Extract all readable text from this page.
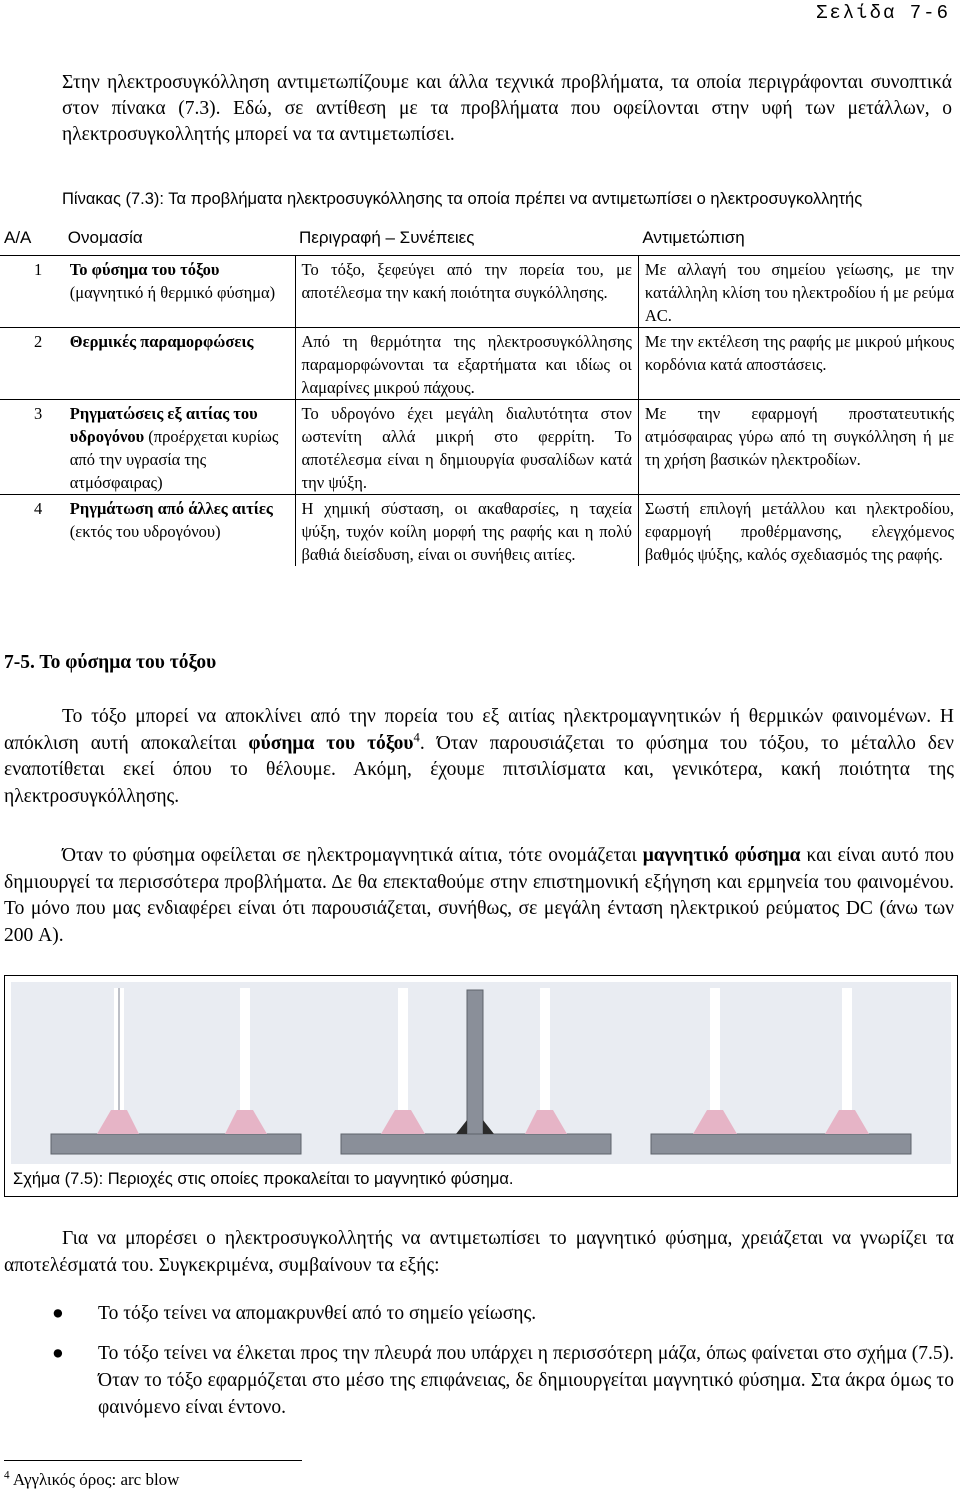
Σελίδα 7-6

Στην ηλεκτροσυγκόλληση αντιμετωπίζουμε και άλλα τεχνικά προβλήματα, τα οποία περιγράφονται συνοπτικά στον πίνακα (7.3). Εδώ, σε αντίθεση με τα προβλήματα που οφείλονται στην υφή των μετάλλων, ο ηλεκτροσυγκολλητής μπορεί να τα αντιμετωπίσει.

Πίνακας (7.3): Τα προβλήματα ηλεκτροσυγκόλλησης τα οποία πρέπει να αντιμετωπίσει ο ηλεκτροσυγκολλητής
Α/Α	Ονομασία	Περιγραφή – Συνέπειες	Αντιμετώπιση
1	Το φύσημα του τόξου (μαγνητικό ή θερμικό φύσημα)	Το τόξο, ξεφεύγει από την πορεία του, με αποτέλεσμα την κακή ποιότητα συγκόλλησης.	Με αλλαγή του σημείου γείωσης, με την κατάλληλη κλίση του ηλεκτροδίου ή με ρεύμα AC.
2	Θερμικές παραμορφώσεις	Από τη θερμότητα της ηλεκτροσυγκόλλησης παραμορφώνονται τα εξαρτήματα και ιδίως οι λαμαρίνες μικρού πάχους.	Με την εκτέλεση της ραφής με μικρού μήκους κορδόνια κατά αποστάσεις.
3	Ρηγματώσεις εξ αιτίας του υδρογόνου (προέρχεται κυρίως από την υγρασία της ατμόσφαιρας)	Το υδρογόνο έχει μεγάλη διαλυτότητα στον ωστενίτη αλλά μικρή στο φερρίτη. Το αποτέλεσμα είναι η δημιουργία φυσαλίδων κατά την ψύξη.	Με την εφαρμογή προστατευτικής ατμόσφαιρας γύρω από τη συγκόλληση ή με τη χρήση βασικών ηλεκτροδίων.
4	Ρηγμάτωση από άλλες αιτίες (εκτός του υδρογόνου)	Η χημική σύσταση, οι ακαθαρσίες, η ταχεία ψύξη, τυχόν κοίλη μορφή της ραφής και η πολύ βαθιά διείσδυση, είναι οι συνήθεις αιτίες.	Σωστή επιλογή μετάλλου και ηλεκτροδίου, εφαρμογή προθέρμανσης, ελεγχόμενος βαθμός ψύξης, καλός σχεδιασμός της ραφής.
7-5. Το φύσημα του τόξου
Το τόξο μπορεί να αποκλίνει από την πορεία του εξ αιτίας ηλεκτρομαγνητικών ή θερμικών φαινομένων. Η απόκλιση αυτή αποκαλείται φύσημα του τόξου$^4$. Όταν παρουσιάζεται το φύσημα του τόξου, το μέταλλο δεν εναποτίθεται εκεί όπου το θέλουμε. Ακόμη, έχουμε πιτσιλίσματα και, γενικότερα, κακή ποιότητα της ηλεκτροσυγκόλλησης.
Όταν το φύσημα οφείλεται σε ηλεκτρομαγνητικά αίτια, τότε ονομάζεται μαγνητικό φύσημα και είναι αυτό που δημιουργεί τα περισσότερα προβλήματα. Δε θα επεκταθούμε στην επιστημονική εξήγηση και ερμηνεία του φαινομένου. Το μόνο που μας ενδιαφέρει είναι ότι παρουσιάζεται, συνήθως, σε μεγάλη ένταση ηλεκτρικού ρεύματος DC (άνω των 200 A).
Σχήμα (7.5): Περιοχές στις οποίες προκαλείται το μαγνητικό φύσημα.
Για να μπορέσει ο ηλεκτροσυγκολλητής να αντιμετωπίσει το μαγνητικό φύσημα, χρειάζεται να γνωρίζει τα αποτελέσματά του. Συγκεκριμένα, συμβαίνουν τα εξής:
● Το τόξο τείνει να απομακρυνθεί από το σημείο γείωσης.
● Το τόξο τείνει να έλκεται προς την πλευρά που υπάρχει η περισσότερη μάζα, όπως φαίνεται στο σχήμα (7.5). Όταν το τόξο εφαρμόζεται στο μέσο της επιφάνειας, δε δημιουργείται μαγνητικό φύσημα. Στα άκρα όμως το φαινόμενο είναι έντονο.
$^4$ Αγγλικός όρος: arc blow
